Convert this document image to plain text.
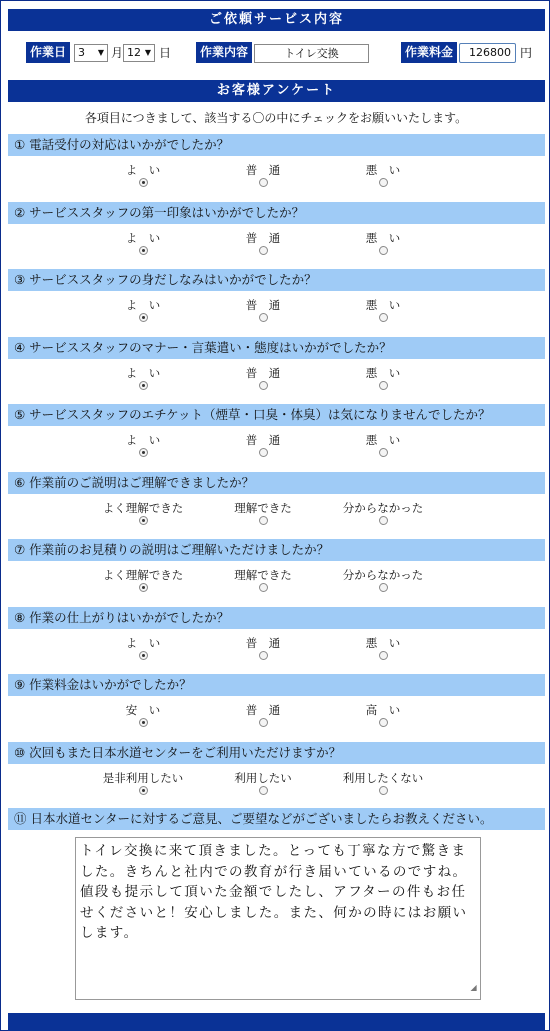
ご依頼サービス内容
作業日	3 ▼ 月 12 ▼ 日	作業内容	トイレ交換	作業料金	126800 円
お客様アンケート
各項目につきまして、該当する〇の中にチェックをお願いいたします。
① 電話受付の対応はいかがでしたか？
よ　い	普　通	悪　い
② サービススタッフの第一印象はいかがでしたか？
よ　い	普　通	悪　い
③ サービススタッフの身だしなみはいかがでしたか？
よ　い	普　通	悪　い
④ サービススタッフのマナー・言葉遣い・態度はいかがでしたか？
よ　い	普　通	悪　い
⑤ サービススタッフのエチケット（煙草・口臭・体臭）は気になりませんでしたか？
よ　い	普　通	悪　い
⑥ 作業前のご説明はご理解できましたか？
よく理解できた	理解できた	分からなかった
⑦ 作業前のお見積りの説明はご理解いただけましたか？
よく理解できた	理解できた	分からなかった
⑧ 作業の仕上がりはいかがでしたか？
よ　い	普　通	悪　い
⑨ 作業料金はいかがでしたか？
安　い	普　通	高　い
⑩ 次回もまた日本水道センターをご利用いただけますか？
是非利用したい	利用したい	利用したくない
⑪ 日本水道センターに対するご意見、ご要望などがございましたらお教えください。
トイレ交換に来て頂きました。とっても丁寧な方で驚きました。きちんと社内での教育が行き届いているのですね。値段も提示して頂いた金額でしたし、アフターの件もお任せくださいと！安心しました。また、何かの時にはお願いします。
◢
